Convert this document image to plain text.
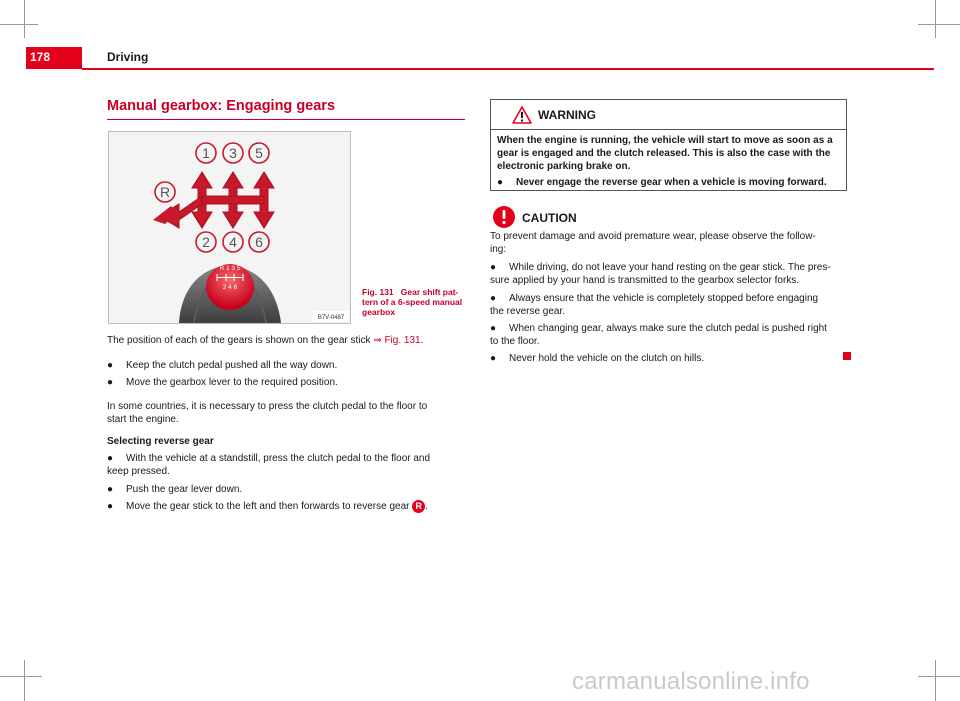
178	Driving
Manual gearbox: Engaging gears
R 1 3 5
2 4 6
1 3 5
2 4 6
R
B7V-0487
Fig. 131 Gear shift pat-tern of a 6-speed manual gearbox
The position of each of the gears is shown on the gear stick ⇒ Fig. 131.
● Keep the clutch pedal pushed all the way down.
● Move the gearbox lever to the required position.
In some countries, it is necessary to press the clutch pedal to the floor to
start the engine.
Selecting reverse gear
● With the vehicle at a standstill, press the clutch pedal to the floor and
keep pressed.
● Push the gear lever down.
● Move the gear stick to the left and then forwards to reverse gear R .
WARNING
When the engine is running, the vehicle will start to move as soon as a
gear is engaged and the clutch released. This is also the case with the
electronic parking brake on.
● Never engage the reverse gear when a vehicle is moving forward.
CAUTION
To prevent damage and avoid premature wear, please observe the follow-
ing:
● While driving, do not leave your hand resting on the gear stick. The pres-
sure applied by your hand is transmitted to the gearbox selector forks.
● Always ensure that the vehicle is completely stopped before engaging
the reverse gear.
● When changing gear, always make sure the clutch pedal is pushed right
to the floor.
● Never hold the vehicle on the clutch on hills.
carmanualsonline.info
